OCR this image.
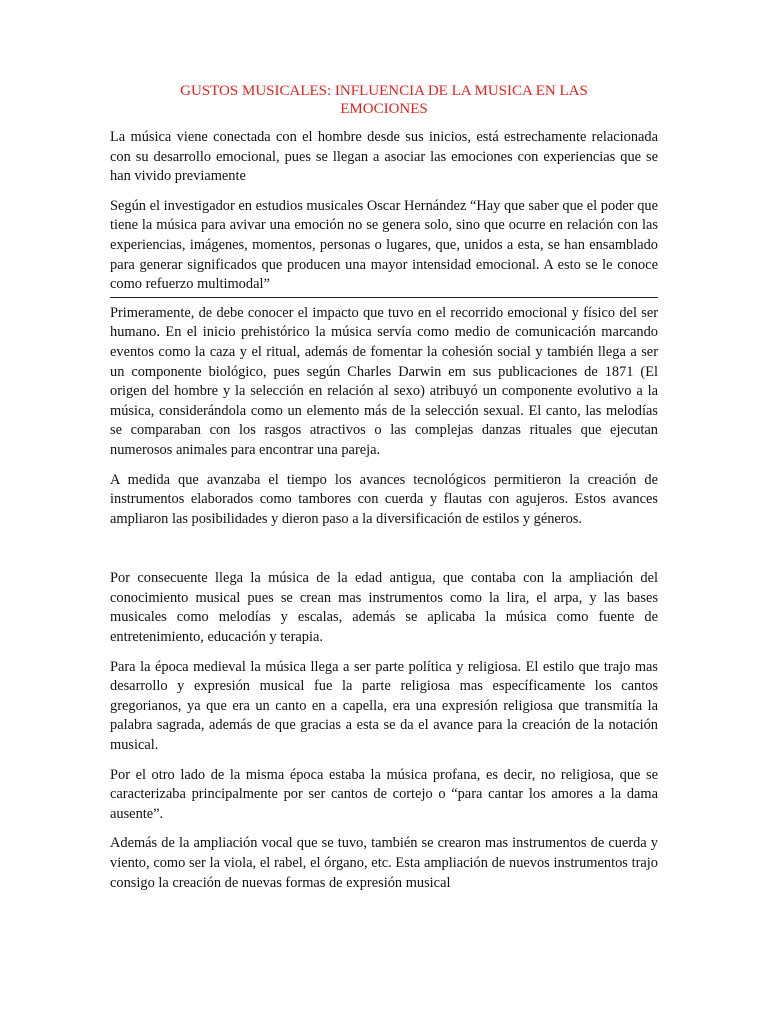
GUSTOS MUSICALES: INFLUENCIA DE LA MUSICA EN LAS EMOCIONES

La música viene conectada con el hombre desde sus inicios, está estrechamente relacionada con su desarrollo emocional, pues se llegan a asociar las emociones con experiencias que se han vivido previamente

Según el investigador en estudios musicales Oscar Hernández “Hay que saber que el poder que tiene la música para avivar una emoción no se genera solo, sino que ocurre en relación con las experiencias, imágenes, momentos, personas o lugares, que, unidos a esta, se han ensamblado para generar significados que producen una mayor intensidad emocional. A esto se le conoce como refuerzo multimodal”

Primeramente, de debe conocer el impacto que tuvo en el recorrido emocional y físico del ser humano. En el inicio prehistórico la música servía como medio de comunicación marcando eventos como la caza y el ritual, además de fomentar la cohesión social y también llega a ser un componente biológico, pues según Charles Darwin em sus publicaciones de 1871 (El origen del hombre y la selección en relación al sexo) atribuyó un componente evolutivo a la música, considerándola como un elemento más de la selección sexual. El canto, las melodías se comparaban con los rasgos atractivos o las complejas danzas rituales que ejecutan numerosos animales para encontrar una pareja.

A medida que avanzaba el tiempo los avances tecnológicos permitieron la creación de instrumentos elaborados como tambores con cuerda y flautas con agujeros. Estos avances ampliaron las posibilidades y dieron paso a la diversificación de estilos y géneros.

Por consecuente llega la música de la edad antigua, que contaba con la ampliación del conocimiento musical pues se crean mas instrumentos como la lira, el arpa, y las bases musicales como melodías y escalas, además se aplicaba la música como fuente de entretenimiento, educación y terapia.

Para la época medieval la música llega a ser parte política y religiosa. El estilo que trajo mas desarrollo y expresión musical fue la parte religiosa mas específicamente los cantos gregorianos, ya que era un canto en a capella, era una expresión religiosa que transmitía la palabra sagrada, además de que gracias a esta se da el avance para la creación de la notación musical.

Por el otro lado de la misma época estaba la música profana, es decir, no religiosa, que se caracterizaba principalmente por ser cantos de cortejo o “para cantar los amores a la dama ausente”.

Además de la ampliación vocal que se tuvo, también se crearon mas instrumentos de cuerda y viento, como ser la viola, el rabel, el órgano, etc. Esta ampliación de nuevos instrumentos trajo consigo la creación de nuevas formas de expresión musical
